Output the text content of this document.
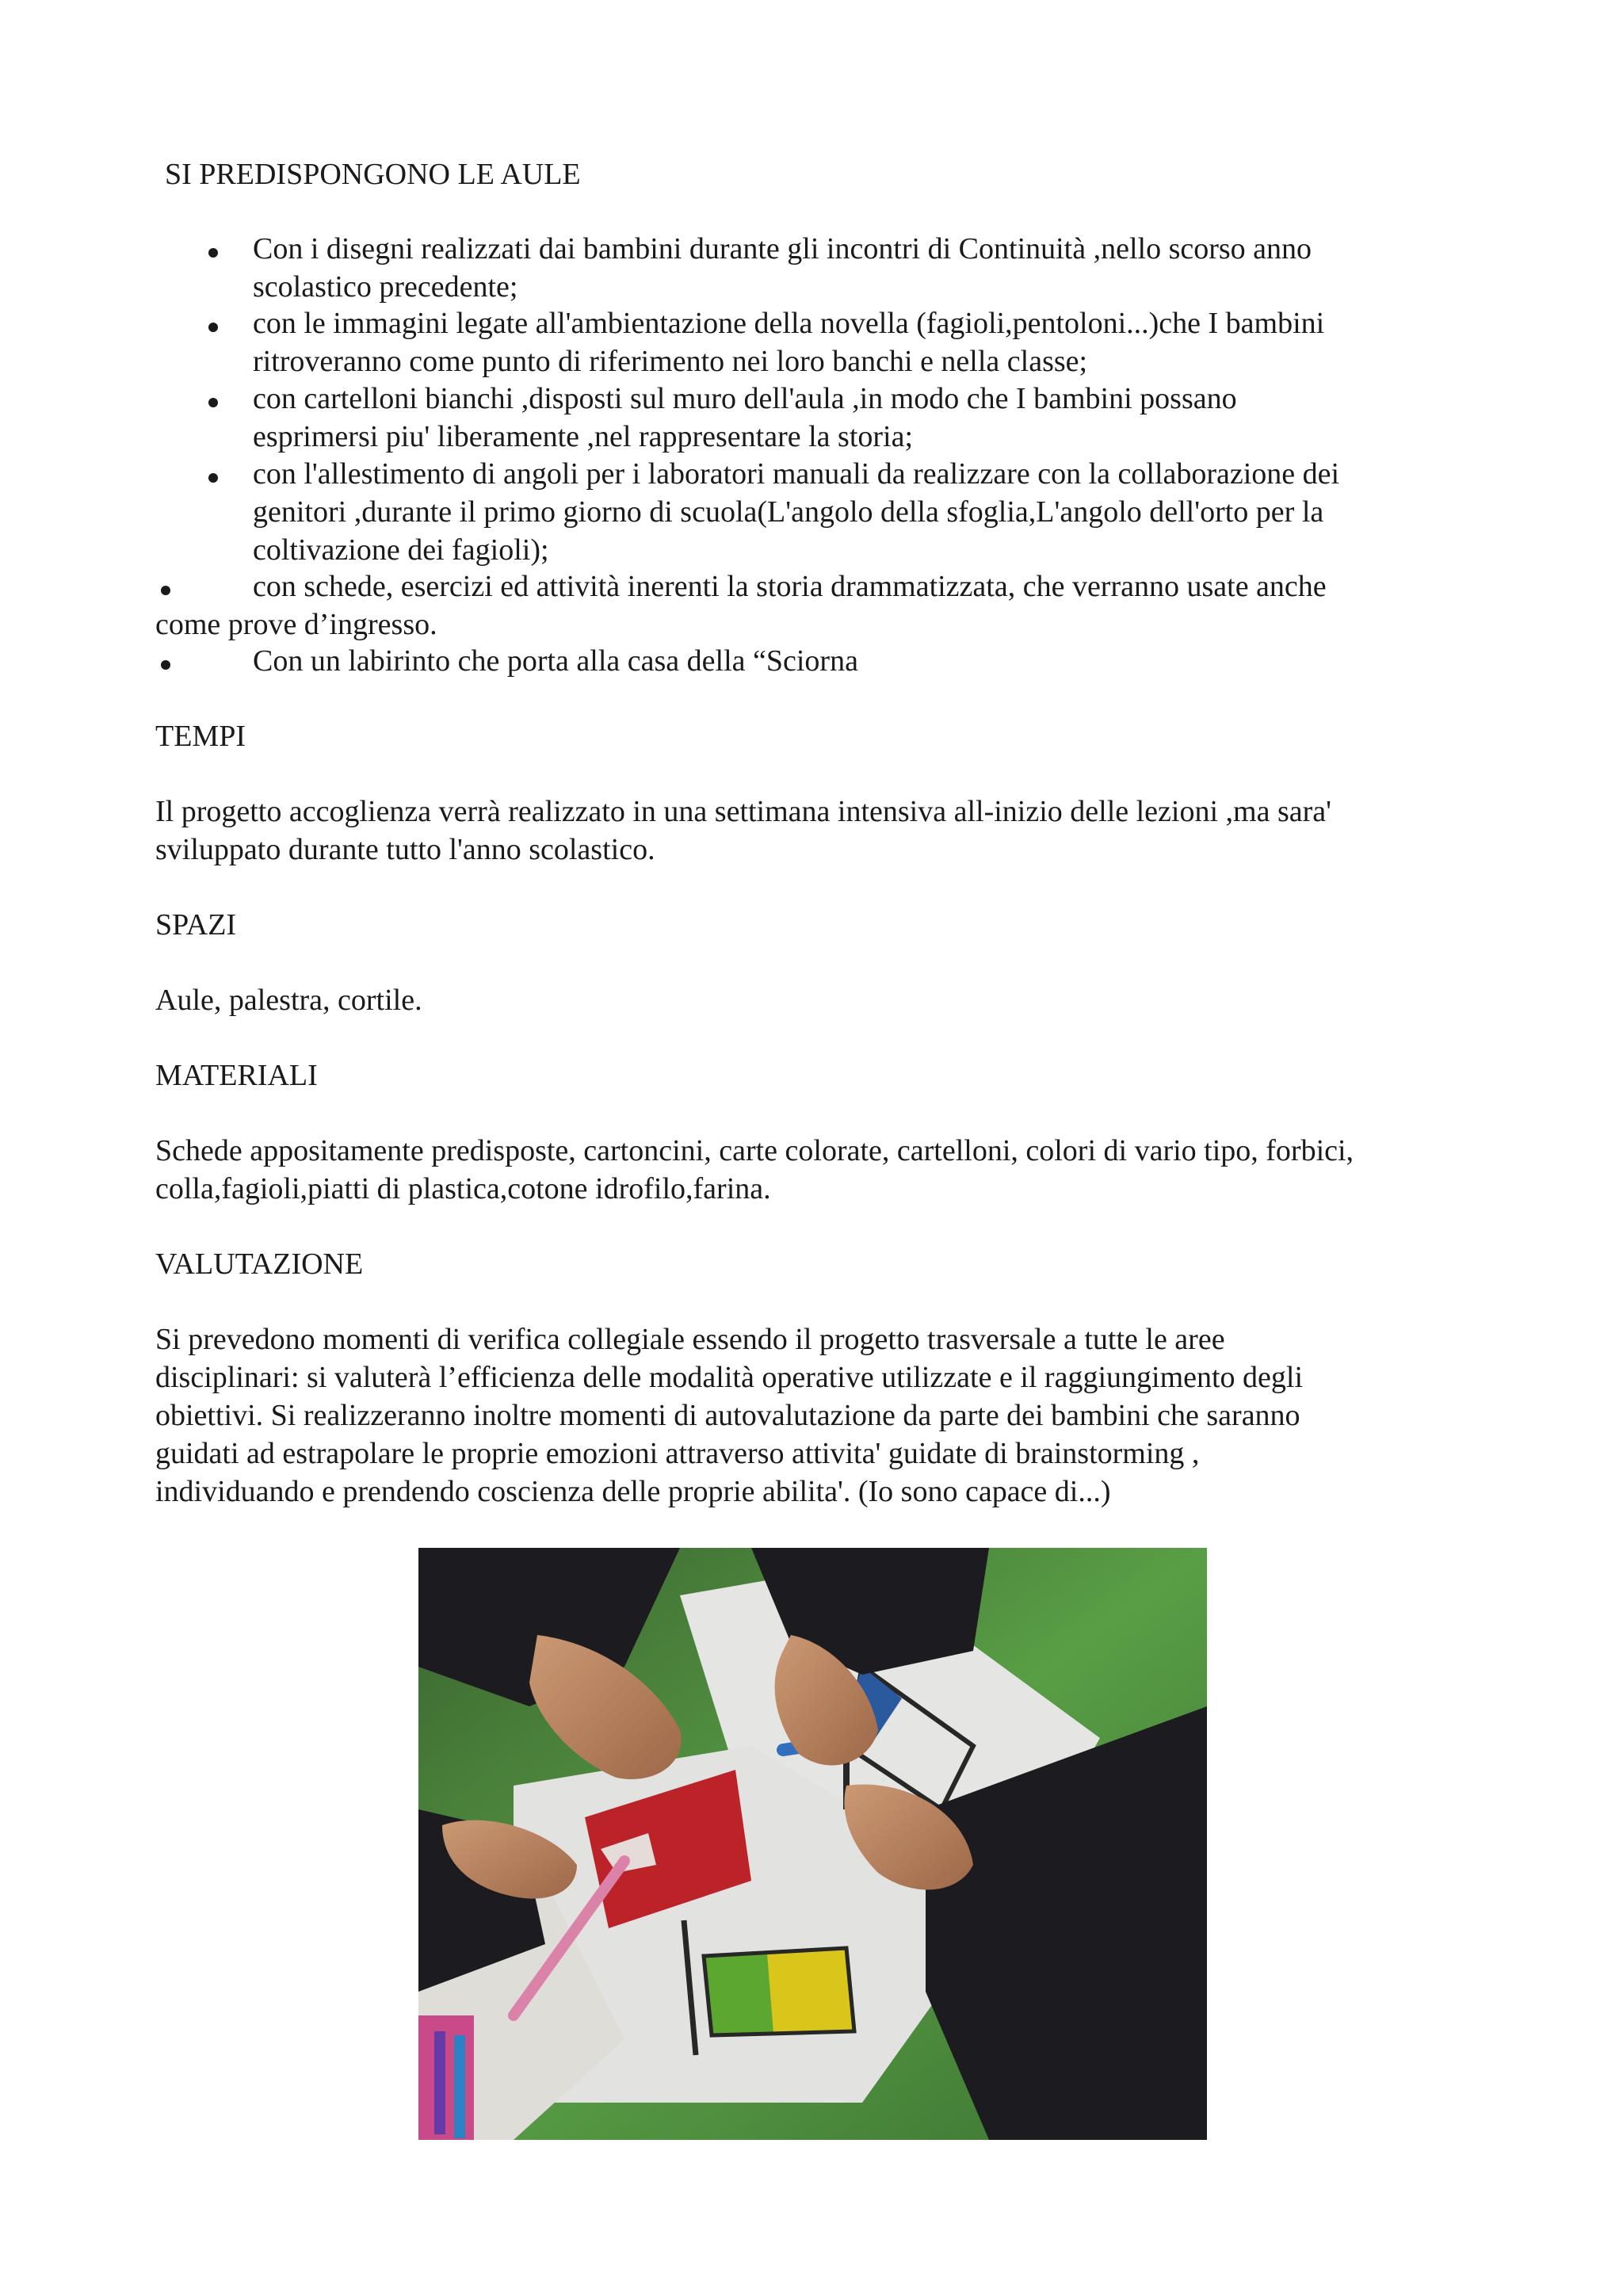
SI PREDISPONGONO LE AULE

Con i disegni realizzati dai bambini durante gli incontri di Continuità ,nello scorso anno

scolastico precedente;

con le immagini legate all'ambientazione della novella (fagioli,pentoloni...)che I bambini

ritroveranno come punto di riferimento nei loro banchi e nella classe;

con cartelloni bianchi ,disposti sul muro dell'aula ,in modo che I bambini possano

esprimersi piu' liberamente ,nel rappresentare la storia;

con l'allestimento di angoli per i laboratori manuali da realizzare con la collaborazione dei

genitori ,durante il primo giorno di scuola(L'angolo della sfoglia,L'angolo dell'orto per la

coltivazione dei fagioli);

con schede, esercizi ed attività inerenti la storia drammatizzata, che verranno usate anche

come prove d’ingresso.

Con un labirinto che porta alla casa della “Sciorna

TEMPI

Il progetto accoglienza verrà realizzato in una settimana intensiva all-inizio delle lezioni ,ma sara'

sviluppato durante tutto l'anno scolastico.

SPAZI

Aule, palestra, cortile.

MATERIALI

Schede appositamente predisposte, cartoncini, carte colorate, cartelloni, colori di vario tipo, forbici,

colla,fagioli,piatti di plastica,cotone idrofilo,farina.

VALUTAZIONE

Si prevedono momenti di verifica collegiale essendo il progetto trasversale a tutte le aree

disciplinari: si valuterà l’efficienza delle modalità operative utilizzate e il raggiungimento degli

obiettivi. Si realizzeranno inoltre momenti di autovalutazione da parte dei bambini che saranno

guidati ad estrapolare le proprie emozioni attraverso attivita' guidate di brainstorming ,

individuando e prendendo coscienza delle proprie abilita'. (Io sono capace di...)
